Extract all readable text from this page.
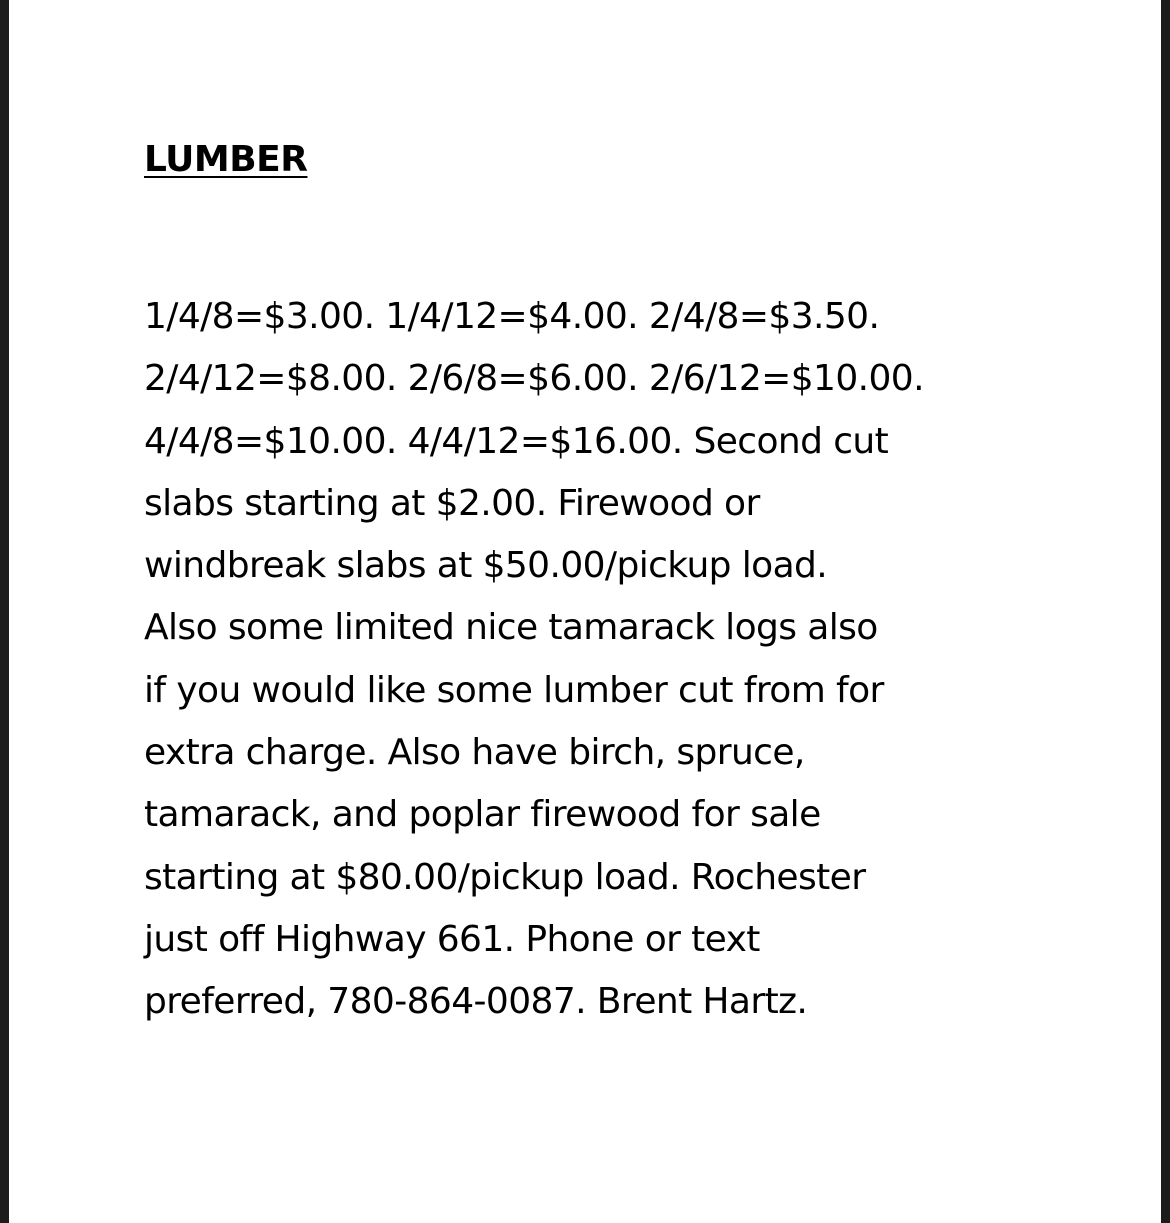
LUMBER

1/4/8=$3.00. 1/4/12=$4.00. 2/4/8=$3.50.
2/4/12=$8.00. 2/6/8=$6.00. 2/6/12=$10.00.
4/4/8=$10.00. 4/4/12=$16.00. Second cut
slabs starting at $2.00. Firewood or
windbreak slabs at $50.00/pickup load.
Also some limited nice tamarack logs also
if you would like some lumber cut from for
extra charge. Also have birch, spruce,
tamarack, and poplar firewood for sale
starting at $80.00/pickup load. Rochester
just off Highway 661. Phone or text
preferred, 780-864-0087. Brent Hartz.
